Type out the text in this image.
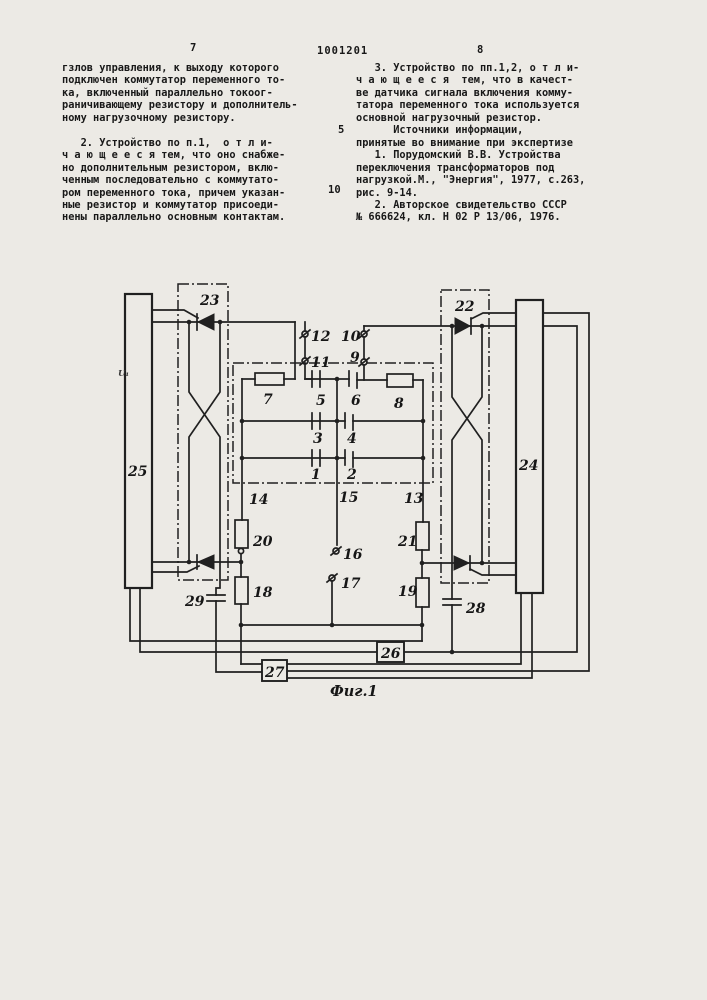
23	22
25	24
12
11
10
9
7	5 6 8
3 4
1 2
14	15	13
20	21
16
17
18	19
29	28
26
27
U₁
Фиг.1
7	1001201	8
5
10
гзлов управления, к выходу которого
подключен коммутатор переменного то-
ка, включенный параллельно токоог-
раничивающему резистору и дополнитель-
ному нагрузочному резистору.

2. Устройство по п.1,  о т л и-
ч а ю щ е е с я тем, что оно снабже-
но дополнительным резистором, вклю-
ченным последовательно с коммутато-
ром переменного тока, причем указан-
ные резистор и коммутатор присоеди-
нены параллельно основным контактам.
3. Устройство по пп.1,2, о т л и-
ч а ю щ е е с я  тем, что в качест-
ве датчика сигнала включения комму-
татора переменного тока используется
основной нагрузочный резистор.
Источники информации,
принятые во внимание при экспертизе
1. Порудомский В.В. Устройства
переключения трансформаторов под
нагрузкой.М., "Энергия", 1977, с.263,
рис. 9-14.
2. Авторское свидетельство СССР
№ 666624, кл. Н 02 Р 13/06, 1976.
